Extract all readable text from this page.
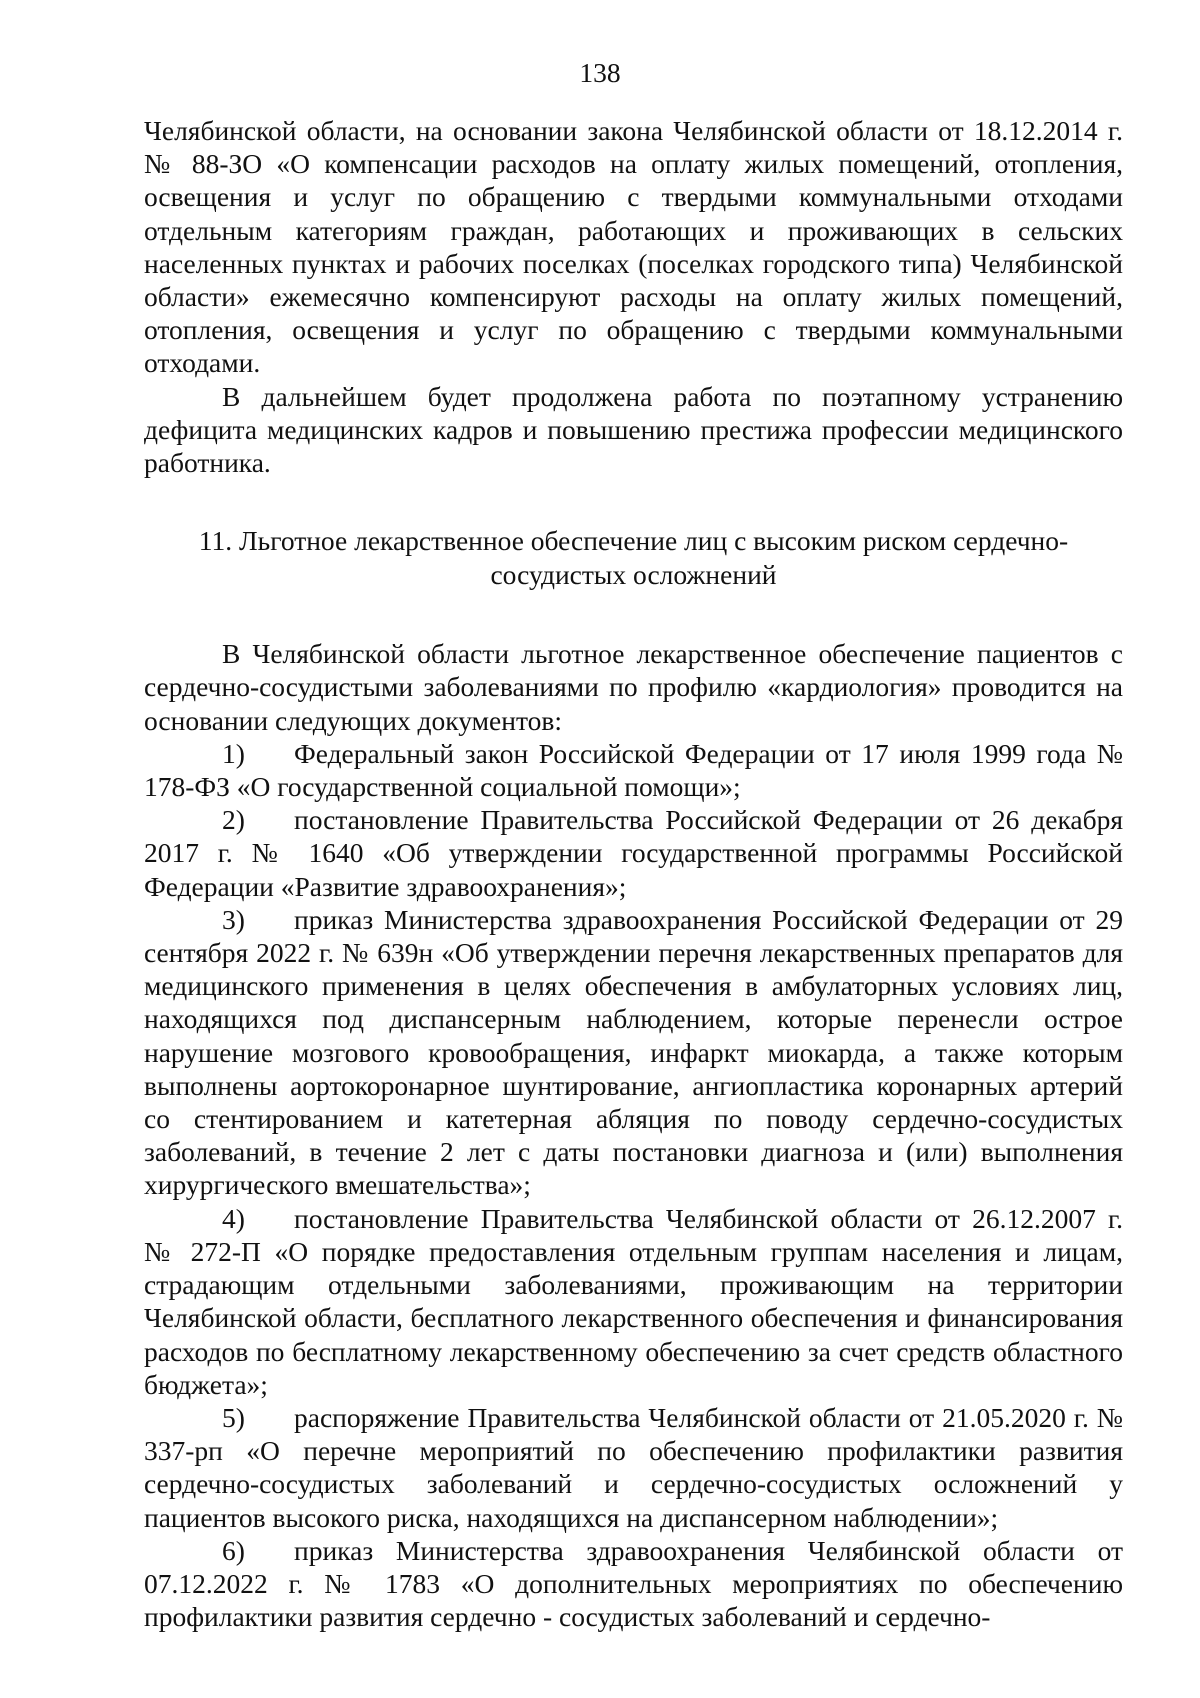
138

Челябинской области, на основании закона Челябинской области от 18.12.2014 г. № 88-ЗО «О компенсации расходов на оплату жилых помещений, отопления, освещения и услуг по обращению с твердыми коммунальными отходами отдельным категориям граждан, работающих и проживающих в сельских населенных пунктах и рабочих поселках (поселках городского типа) Челябинской области» ежемесячно компенсируют расходы на оплату жилых помещений, отопления, освещения и услуг по обращению с твердыми коммунальными отходами.

В дальнейшем будет продолжена работа по поэтапному устранению дефицита медицинских кадров и повышению престижа профессии медицинского работника.

11. Льготное лекарственное обеспечение лиц с высоким риском сердечно-
сосудистых осложнений

В Челябинской области льготное лекарственное обеспечение пациентов с сердечно-сосудистыми заболеваниями по профилю «кардиология» проводится на основании следующих документов:

1) Федеральный закон Российской Федерации от 17 июля 1999 года № 178-ФЗ «О государственной социальной помощи»;

2) постановление Правительства Российской Федерации от 26 декабря 2017 г. № 1640 «Об утверждении государственной программы Российской Федерации «Развитие здравоохранения»;

3) приказ Министерства здравоохранения Российской Федерации от 29 сентября 2022 г. № 639н «Об утверждении перечня лекарственных препаратов для медицинского применения в целях обеспечения в амбулаторных условиях лиц, находящихся под диспансерным наблюдением, которые перенесли острое нарушение мозгового кровообращения, инфаркт миокарда, а также которым выполнены аортокоронарное шунтирование, ангиопластика коронарных артерий со стентированием и катетерная абляция по поводу сердечно-сосудистых заболеваний, в течение 2 лет с даты постановки диагноза и (или) выполнения хирургического вмешательства»;

4) постановление Правительства Челябинской области от 26.12.2007 г. № 272-П «О порядке предоставления отдельным группам населения и лицам, страдающим отдельными заболеваниями, проживающим на территории Челябинской области, бесплатного лекарственного обеспечения и финансирования расходов по бесплатному лекарственному обеспечению за счет средств областного бюджета»;

5) распоряжение Правительства Челябинской области от 21.05.2020 г. № 337-рп «О перечне мероприятий по обеспечению профилактики развития сердечно-сосудистых заболеваний и сердечно-сосудистых осложнений у пациентов высокого риска, находящихся на диспансерном наблюдении»;

6) приказ Министерства здравоохранения Челябинской области от 07.12.2022 г. № 1783 «О дополнительных мероприятиях по обеспечению профилактики развития сердечно - сосудистых заболеваний и сердечно-
